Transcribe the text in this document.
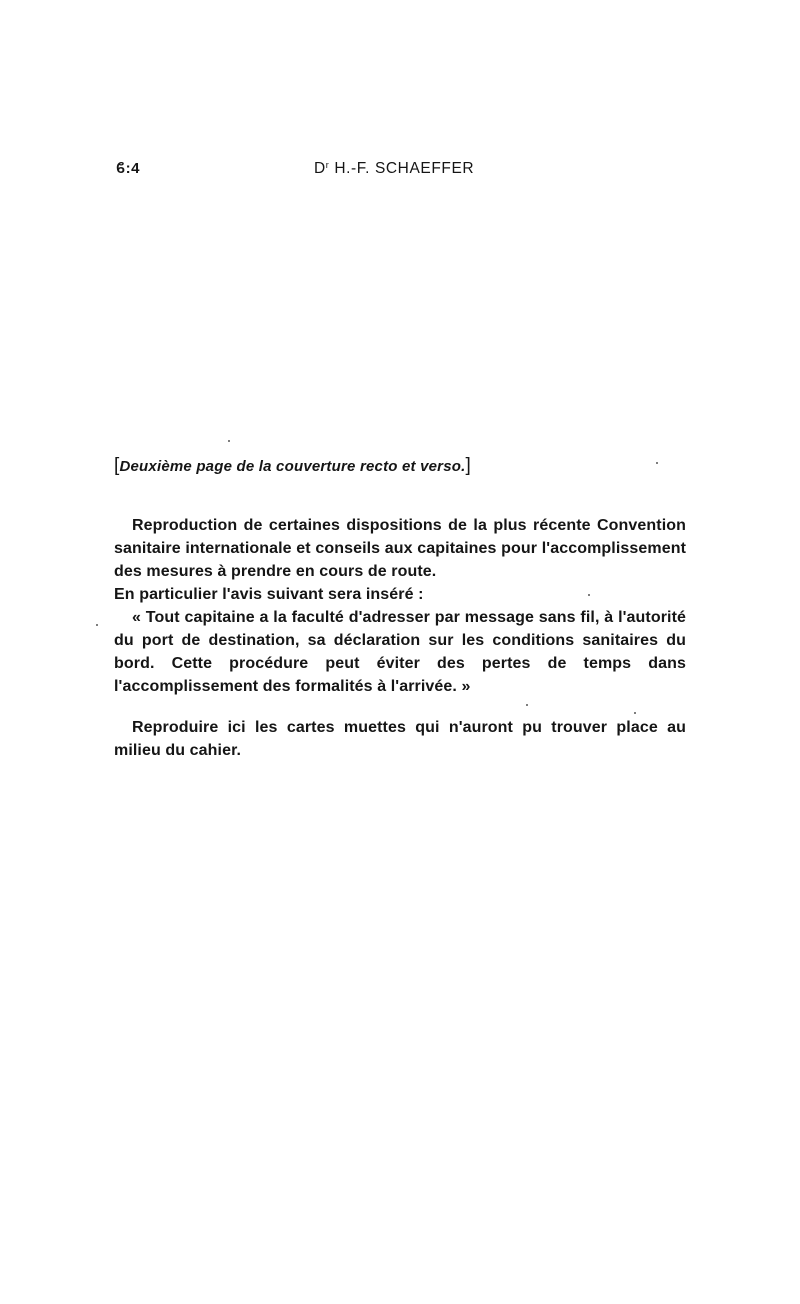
ϐ:4	$D^r$ H.-F. SCHAEFFER
[Deuxième page de la couverture recto et verso.]

Reproduction de certaines dispositions de la plus récente Convention sanitaire internationale et conseils aux capitaines pour l'accomplissement des mesures à prendre en cours de route.

En particulier l'avis suivant sera inséré :

« Tout capitaine a la faculté d'adresser par message sans fil, à l'autorité du port de destination, sa déclaration sur les conditions sanitaires du bord. Cette procédure peut éviter des pertes de temps dans l'accomplissement des formalités à l'arrivée. »

Reproduire ici les cartes muettes qui n'auront pu trouver place au milieu du cahier.
